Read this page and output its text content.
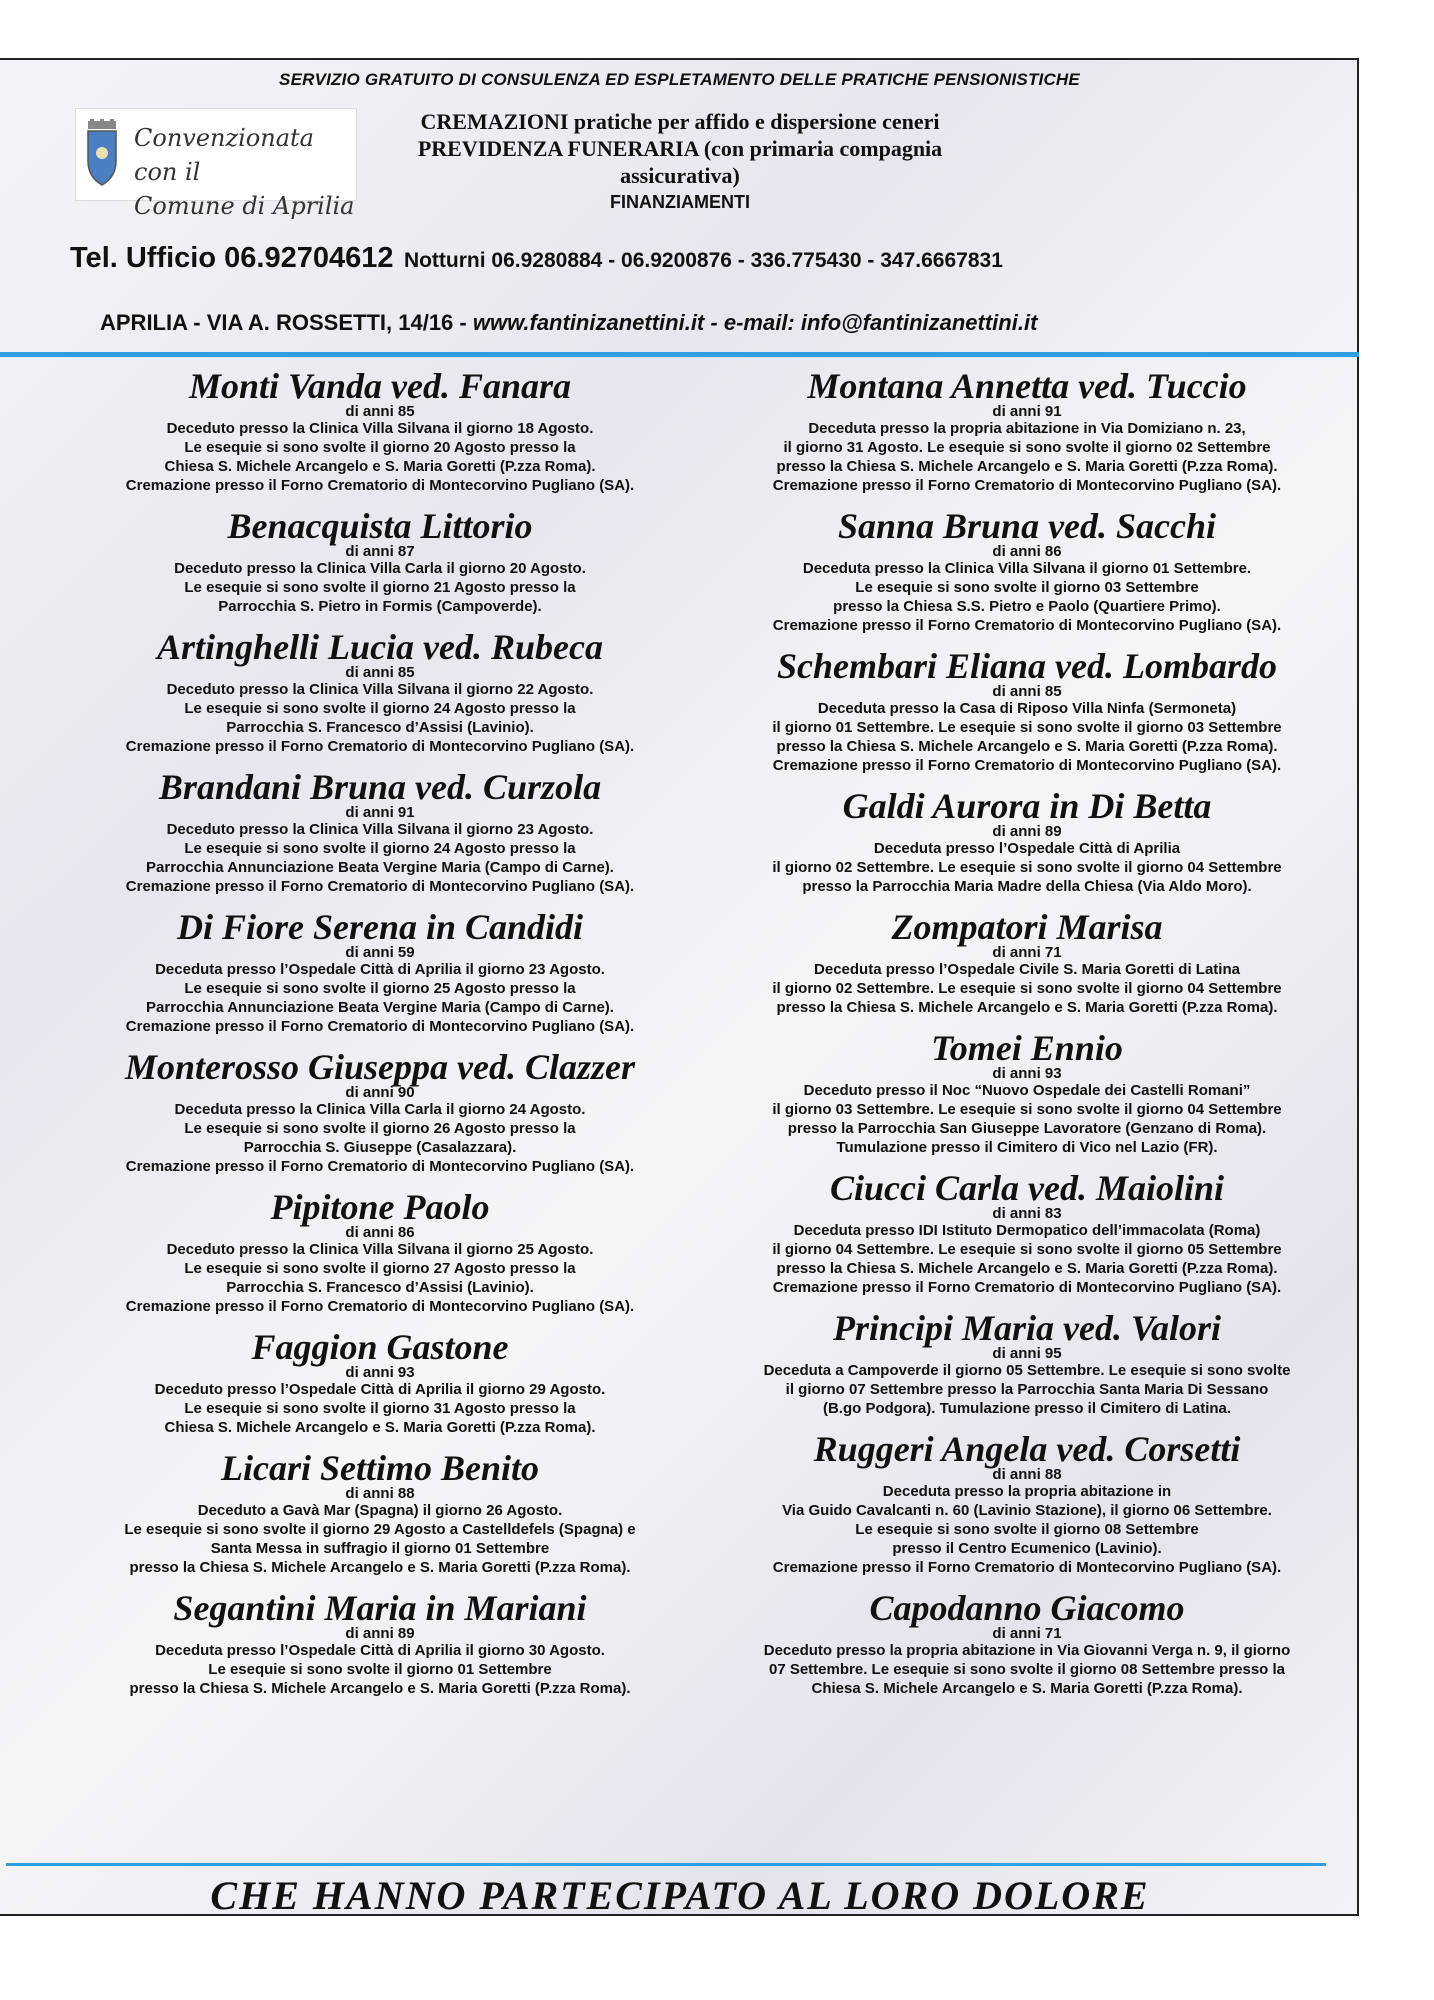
SERVIZIO GRATUITO DI CONSULENZA ED ESPLETAMENTO DELLE PRATICHE PENSIONISTICHE
Convenzionata con il
Comune di Aprilia
CREMAZIONI pratiche per affido e dispersione ceneri
PREVIDENZA FUNERARIA (con primaria compagnia assicurativa)
FINANZIAMENTI
Tel. Ufficio 06.92704612 Notturni 06.9280884 - 06.9200876 - 336.775430 - 347.6667831
APRILIA - VIA A. ROSSETTI, 14/16 - www.fantinizanettini.it - e-mail: info@fantinizanettini.it
Monti Vanda ved. Fanara
di anni 85
Deceduto presso la Clinica Villa Silvana il giorno 18 Agosto.
Le esequie si sono svolte il giorno 20 Agosto presso la
Chiesa S. Michele Arcangelo e S. Maria Goretti (P.zza Roma).
Cremazione presso il Forno Crematorio di Montecorvino Pugliano (SA).
Benacquista Littorio
di anni 87
Deceduto presso la Clinica Villa Carla il giorno 20 Agosto.
Le esequie si sono svolte il giorno 21 Agosto presso la
Parrocchia S. Pietro in Formis (Campoverde).
Artinghelli Lucia ved. Rubeca
di anni 85
Deceduto presso la Clinica Villa Silvana il giorno 22 Agosto.
Le esequie si sono svolte il giorno 24 Agosto presso la
Parrocchia S. Francesco d’Assisi (Lavinio).
Cremazione presso il Forno Crematorio di Montecorvino Pugliano (SA).
Brandani Bruna ved. Curzola
di anni 91
Deceduto presso la Clinica Villa Silvana il giorno 23 Agosto.
Le esequie si sono svolte il giorno 24 Agosto presso la
Parrocchia Annunciazione Beata Vergine Maria (Campo di Carne).
Cremazione presso il Forno Crematorio di Montecorvino Pugliano (SA).
Di Fiore Serena in Candidi
di anni 59
Deceduta presso l’Ospedale Città di Aprilia il giorno 23 Agosto.
Le esequie si sono svolte il giorno 25 Agosto presso la
Parrocchia Annunciazione Beata Vergine Maria (Campo di Carne).
Cremazione presso il Forno Crematorio di Montecorvino Pugliano (SA).
Monterosso Giuseppa ved. Clazzer
di anni 90
Deceduta presso la Clinica Villa Carla il giorno 24 Agosto.
Le esequie si sono svolte il giorno 26 Agosto presso la
Parrocchia S. Giuseppe (Casalazzara).
Cremazione presso il Forno Crematorio di Montecorvino Pugliano (SA).
Pipitone Paolo
di anni 86
Deceduto presso la Clinica Villa Silvana il giorno 25 Agosto.
Le esequie si sono svolte il giorno 27 Agosto presso la
Parrocchia S. Francesco d’Assisi (Lavinio).
Cremazione presso il Forno Crematorio di Montecorvino Pugliano (SA).
Faggion Gastone
di anni 93
Deceduto presso l’Ospedale Città di Aprilia il giorno 29 Agosto.
Le esequie si sono svolte il giorno 31 Agosto presso la
Chiesa S. Michele Arcangelo e S. Maria Goretti (P.zza Roma).
Licari Settimo Benito
di anni 88
Deceduto a Gavà Mar (Spagna) il giorno 26 Agosto.
Le esequie si sono svolte il giorno 29 Agosto a Castelldefels (Spagna) e
Santa Messa in suffragio il giorno 01 Settembre
presso la Chiesa S. Michele Arcangelo e S. Maria Goretti (P.zza Roma).
Segantini Maria in Mariani
di anni 89
Deceduta presso l’Ospedale Città di Aprilia il giorno 30 Agosto.
Le esequie si sono svolte il giorno 01 Settembre
presso la Chiesa S. Michele Arcangelo e S. Maria Goretti (P.zza Roma).
Montana Annetta ved. Tuccio
di anni 91
Deceduta presso la propria abitazione in Via Domiziano n. 23,
il giorno 31 Agosto. Le esequie si sono svolte il giorno 02 Settembre
presso la Chiesa S. Michele Arcangelo e S. Maria Goretti (P.zza Roma).
Cremazione presso il Forno Crematorio di Montecorvino Pugliano (SA).
Sanna Bruna ved. Sacchi
di anni 86
Deceduta presso la Clinica Villa Silvana il giorno 01 Settembre.
Le esequie si sono svolte il giorno 03 Settembre
presso la Chiesa S.S. Pietro e Paolo (Quartiere Primo).
Cremazione presso il Forno Crematorio di Montecorvino Pugliano (SA).
Schembari Eliana ved. Lombardo
di anni 85
Deceduta presso la Casa di Riposo Villa Ninfa (Sermoneta)
il giorno 01 Settembre. Le esequie si sono svolte il giorno 03 Settembre
presso la Chiesa S. Michele Arcangelo e S. Maria Goretti (P.zza Roma).
Cremazione presso il Forno Crematorio di Montecorvino Pugliano (SA).
Galdi Aurora in Di Betta
di anni 89
Deceduta presso l’Ospedale Città di Aprilia
il giorno 02 Settembre. Le esequie si sono svolte il giorno 04 Settembre
presso la Parrocchia Maria Madre della Chiesa (Via Aldo Moro).
Zompatori Marisa
di anni 71
Deceduta presso l’Ospedale Civile S. Maria Goretti di Latina
il giorno 02 Settembre. Le esequie si sono svolte il giorno 04 Settembre
presso la Chiesa S. Michele Arcangelo e S. Maria Goretti (P.zza Roma).
Tomei Ennio
di anni 93
Deceduto presso il Noc “Nuovo Ospedale dei Castelli Romani”
il giorno 03 Settembre. Le esequie si sono svolte il giorno 04 Settembre
presso la Parrocchia San Giuseppe Lavoratore (Genzano di Roma).
Tumulazione presso il Cimitero di Vico nel Lazio (FR).
Ciucci Carla ved. Maiolini
di anni 83
Deceduta presso IDI Istituto Dermopatico dell’immacolata (Roma)
il giorno 04 Settembre. Le esequie si sono svolte il giorno 05 Settembre
presso la Chiesa S. Michele Arcangelo e S. Maria Goretti (P.zza Roma).
Cremazione presso il Forno Crematorio di Montecorvino Pugliano (SA).
Principi Maria ved. Valori
di anni 95
Deceduta a Campoverde il giorno 05 Settembre. Le esequie si sono svolte
il giorno 07 Settembre presso la Parrocchia Santa Maria Di Sessano
(B.go Podgora). Tumulazione presso il Cimitero di Latina.
Ruggeri Angela ved. Corsetti
di anni 88
Deceduta presso la propria abitazione in
Via Guido Cavalcanti n. 60 (Lavinio Stazione), il giorno 06 Settembre.
Le esequie si sono svolte il giorno 08 Settembre
presso il Centro Ecumenico (Lavinio).
Cremazione presso il Forno Crematorio di Montecorvino Pugliano (SA).
Capodanno Giacomo
di anni 71
Deceduto presso la propria abitazione in Via Giovanni Verga n. 9, il giorno
07 Settembre. Le esequie si sono svolte il giorno 08 Settembre presso la
Chiesa S. Michele Arcangelo e S. Maria Goretti (P.zza Roma).
CHE HANNO PARTECIPATO AL LORO DOLORE
